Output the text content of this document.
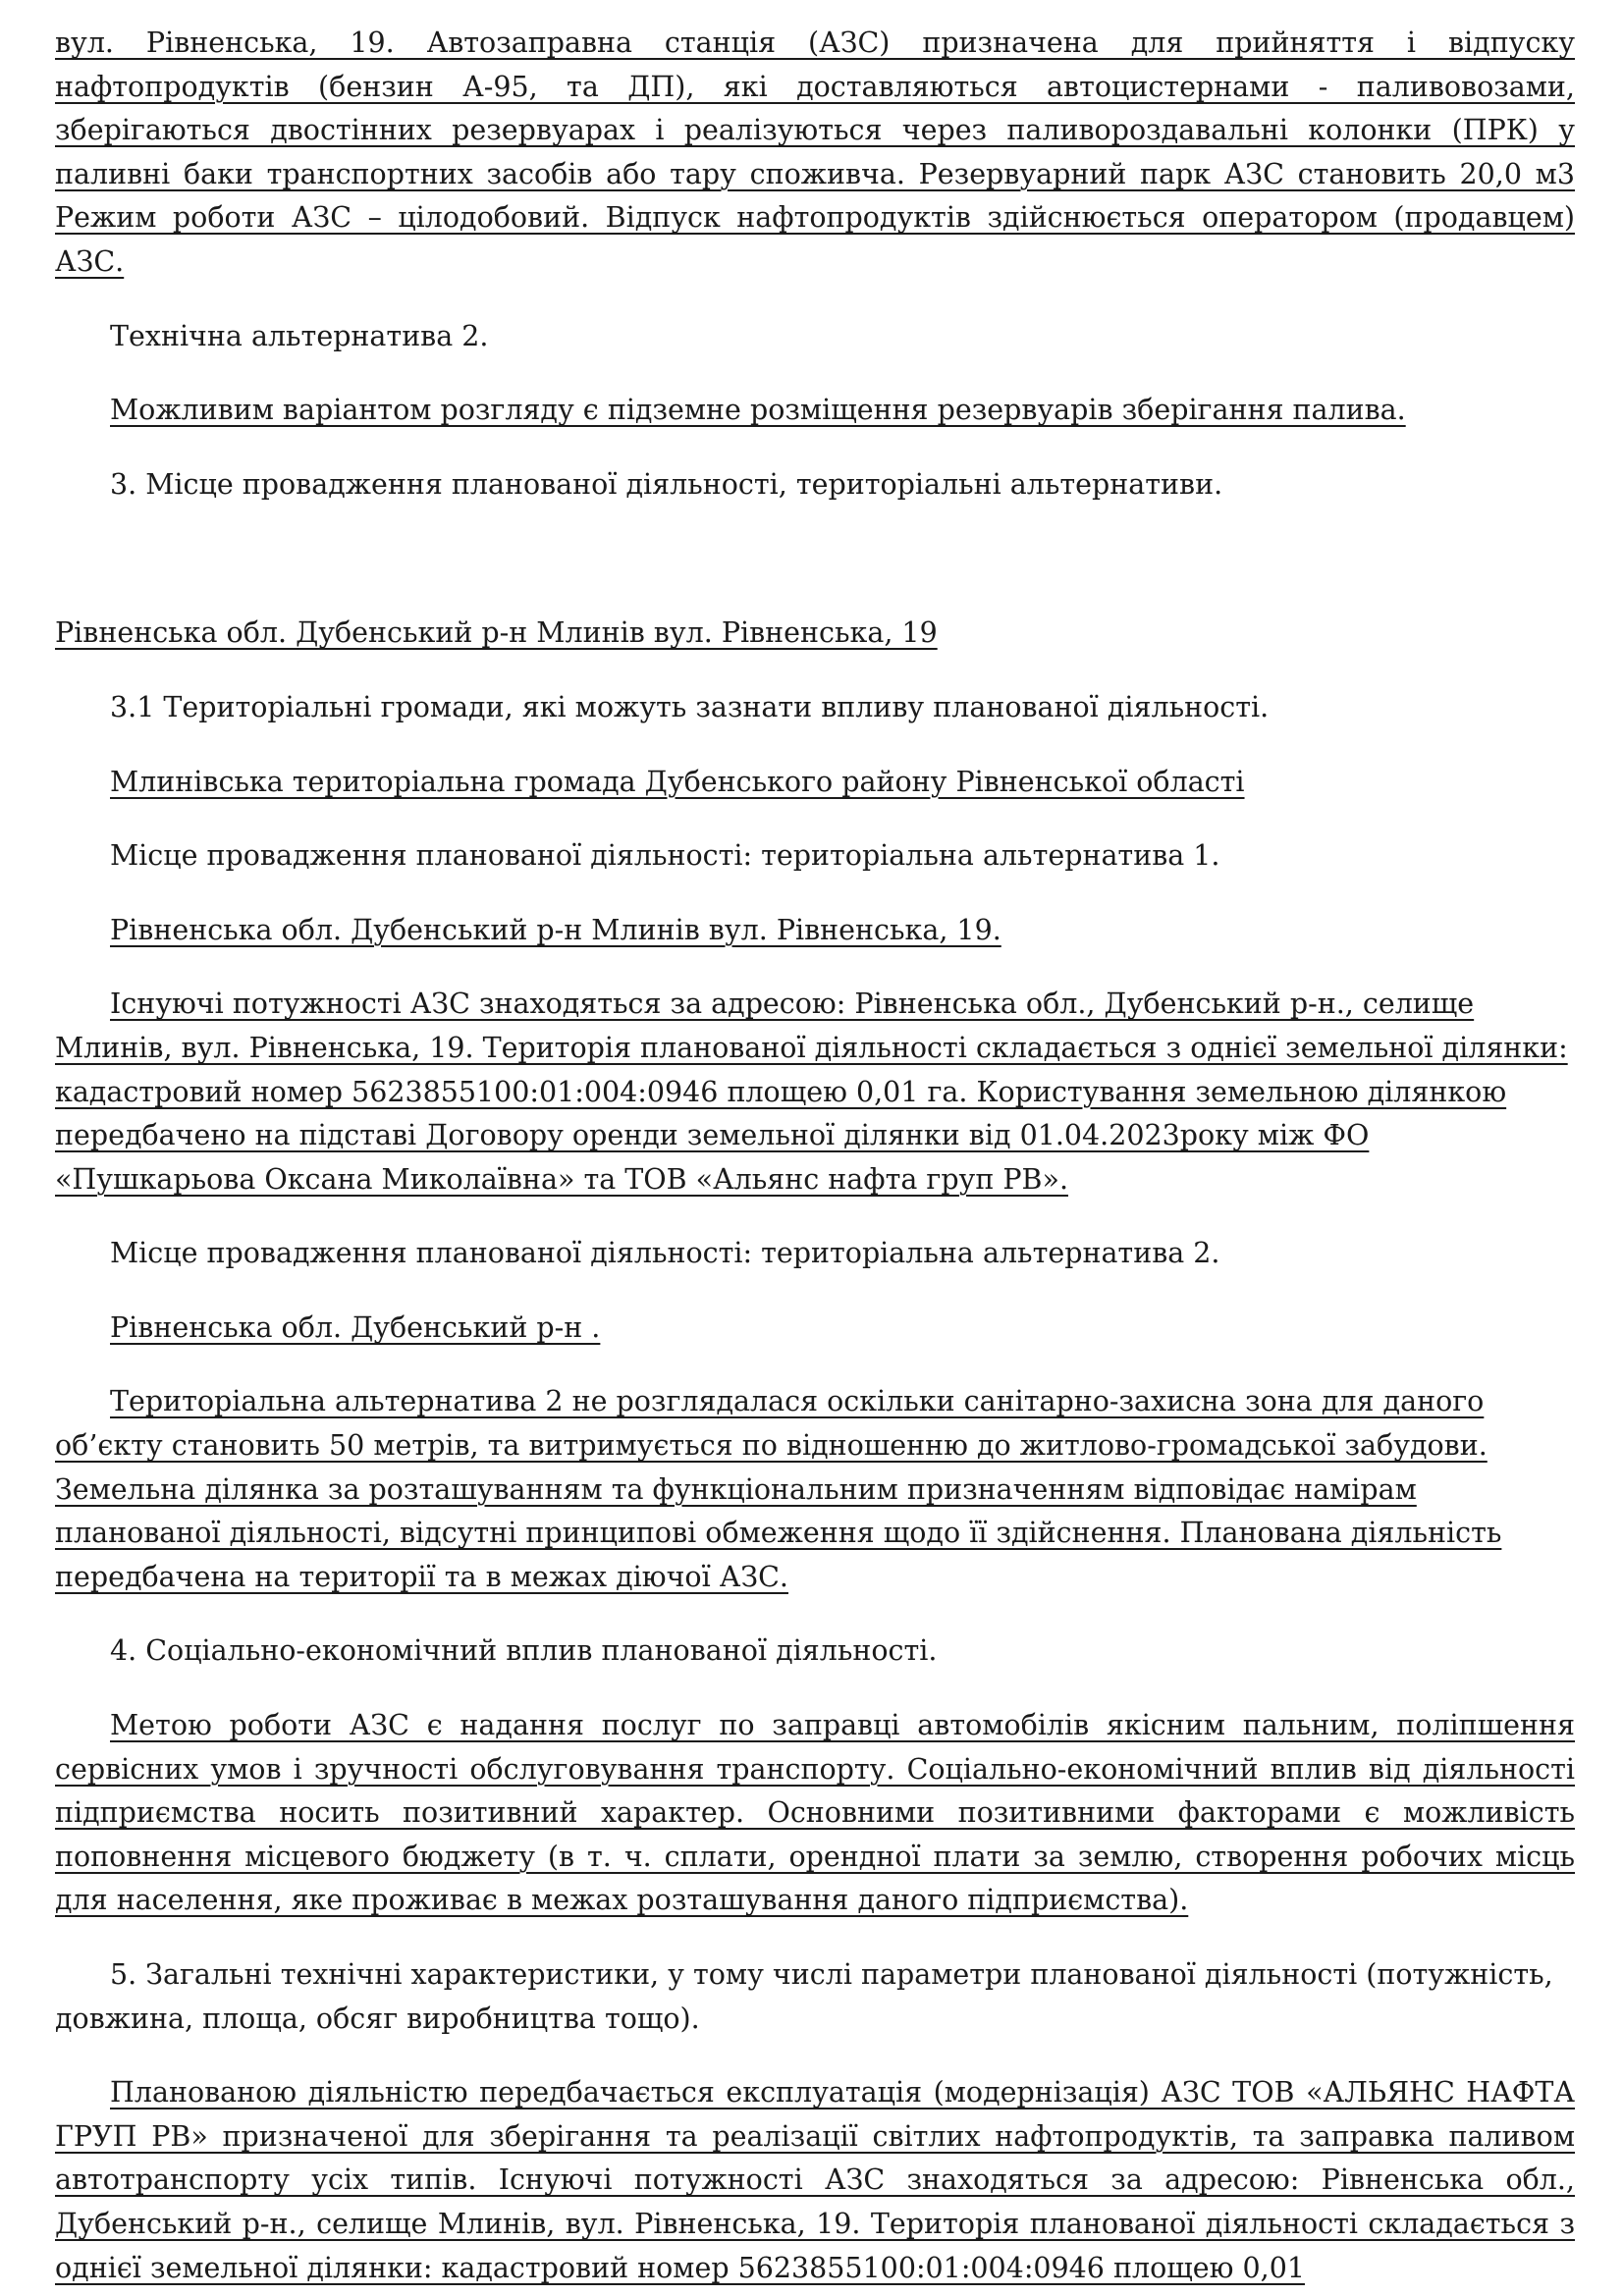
вул. Рівненська, 19. Автозаправна станція (АЗС) призначена для прийняття і відпуску нафтопродуктів (бензин А-95, та ДП), які доставляються автоцистернами - паливовозами, зберігаються двостінних резервуарах і реалізуються через паливороздавальні колонки (ПРК) у паливні баки транспортних засобів або тару споживча. Резервуарний парк АЗС становить 20,0 м3 Режим роботи АЗС – цілодобовий. Відпуск нафтопродуктів здійснюється оператором (продавцем) АЗС.

Технічна альтернатива 2.

Можливим варіантом розгляду є підземне розміщення резервуарів зберігання палива.

3. Місце провадження планованої діяльності, територіальні альтернативи.

Рівненська обл. Дубенський р-н Млинів вул. Рівненська, 19

3.1 Територіальні громади, які можуть зазнати впливу планованої діяльності.

Млинівська територіальна громада Дубенського району Рівненської області

Місце провадження планованої діяльності: територіальна альтернатива 1.

Рівненська обл. Дубенський р-н Млинів вул. Рівненська, 19.

Існуючі потужності АЗС знаходяться за адресою: Рівненська обл., Дубенський р-н., селище Млинів, вул. Рівненська, 19. Територія планованої діяльності складається з однієї земельної ділянки: кадастровий номер 5623855100:01:004:0946 площею 0,01 га. Користування земельною ділянкою передбачено на підставі Договору оренди земельної ділянки від 01.04.2023року між ФО «Пушкарьова Оксана Миколаївна» та ТОВ «Альянс нафта груп РВ».

Місце провадження планованої діяльності: територіальна альтернатива 2.

Рівненська обл. Дубенський р-н .

Територіальна альтернатива 2 не розглядалася оскільки санітарно-захисна зона для даного об’єкту становить 50 метрів, та витримується по відношенню до житлово-громадської забудови. Земельна ділянка за розташуванням та функціональним призначенням відповідає намірам планованої діяльності, відсутні принципові обмеження щодо її здійснення. Планована діяльність передбачена на території та в межах діючої АЗС.

4. Соціально-економічний вплив планованої діяльності.

Метою роботи АЗС є надання послуг по заправці автомобілів якісним пальним, поліпшення сервісних умов і зручності обслуговування транспорту. Соціально-економічний вплив від діяльності підприємства носить позитивний характер. Основними позитивними факторами є можливість поповнення місцевого бюджету (в т. ч. сплати, орендної плати за землю, створення робочих місць для населення, яке проживає в межах розташування даного підприємства).

5. Загальні технічні характеристики, у тому числі параметри планованої діяльності (потужність, довжина, площа, обсяг виробництва тощо).

Планованою діяльністю передбачається експлуатація (модернізація) АЗС ТОВ «АЛЬЯНС НАФТА ГРУП РВ» призначеної для зберігання та реалізації світлих нафтопродуктів, та заправка паливом автотранспорту усіх типів. Існуючі потужності АЗС знаходяться за адресою: Рівненська обл., Дубенський р-н., селище Млинів, вул. Рівненська, 19. Територія планованої діяльності складається з однієї земельної ділянки: кадастровий номер 5623855100:01:004:0946 площею 0,01
